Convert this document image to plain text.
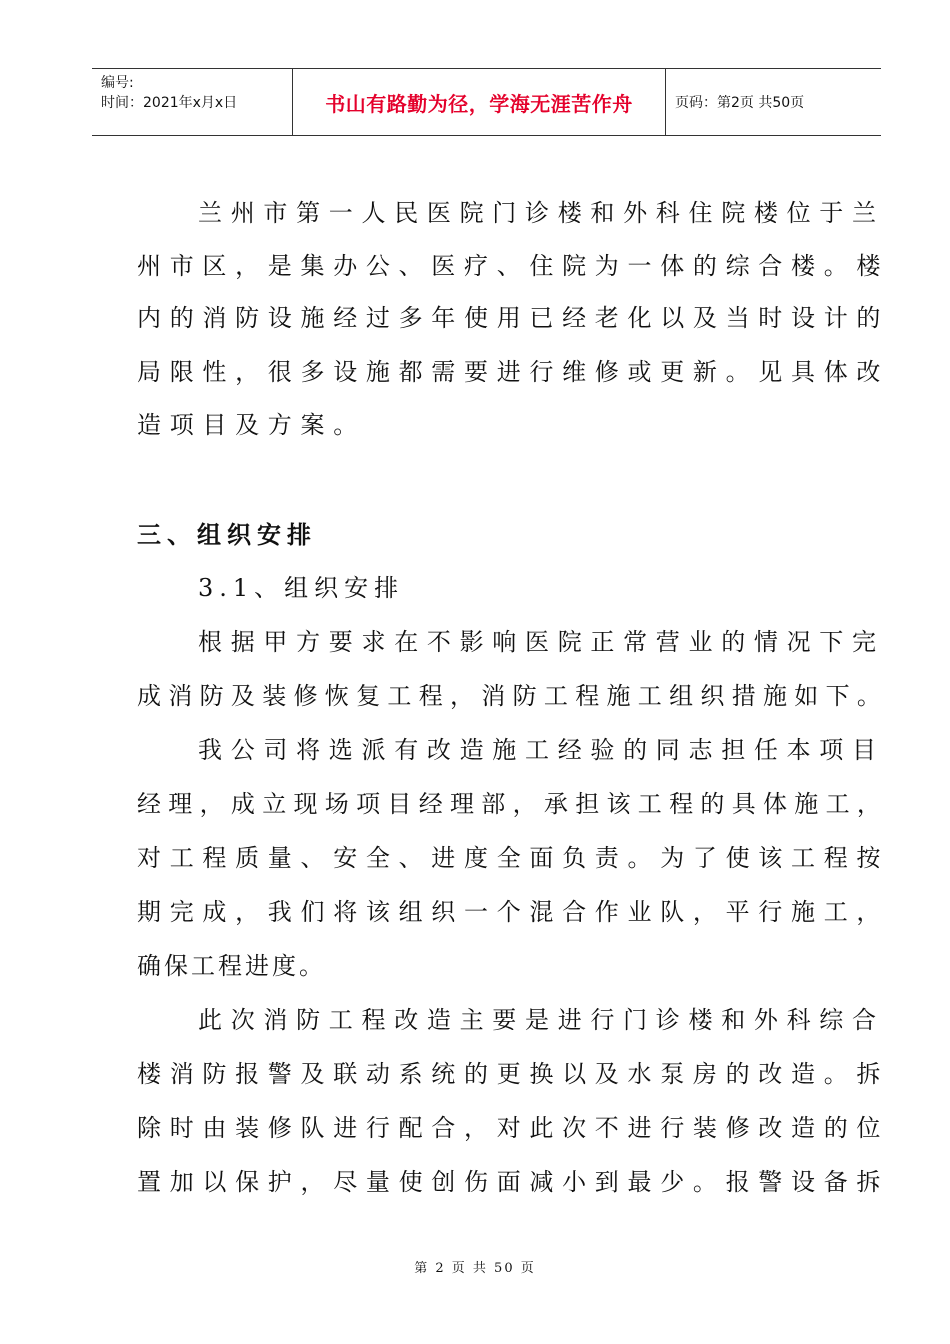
编号:
时间：2021年x月x日	书山有路勤为径，学海无涯苦作舟	页码：第2页 共50页
兰州市第一人民医院门诊楼和外科住院楼位于兰
州市区，是集办公、医疗、住院为一体的综合楼。楼
内的消防设施经过多年使用已经老化以及当时设计的
局限性，很多设施都需要进行维修或更新。见具体改
造项目及方案。
三、组织安排
3.1、组织安排
根据甲方要求在不影响医院正常营业的情况下完
成消防及装修恢复工程，消防工程施工组织措施如下。
我公司将选派有改造施工经验的同志担任本项目
经理，成立现场项目经理部，承担该工程的具体施工，
对工程质量、安全、进度全面负责。为了使该工程按
期完成，我们将该组织一个混合作业队，平行施工，
确保工程进度。
此次消防工程改造主要是进行门诊楼和外科综合
楼消防报警及联动系统的更换以及水泵房的改造。拆
除时由装修队进行配合，对此次不进行装修改造的位
置加以保护，尽量使创伤面减小到最少。报警设备拆
第 2 页 共 50 页
